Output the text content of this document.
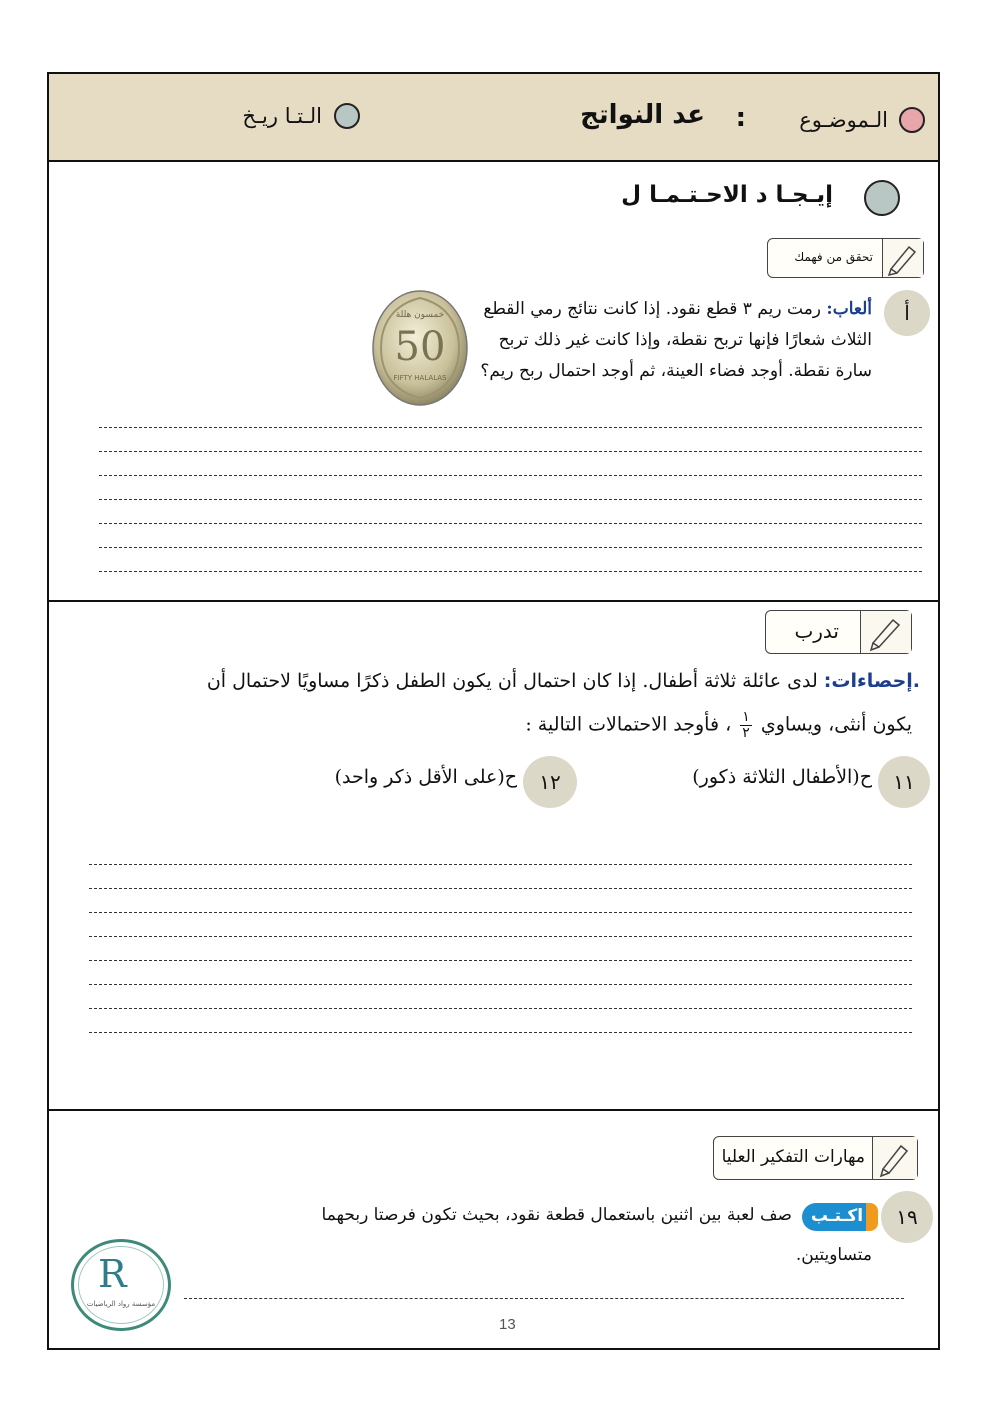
الـموضـوع
:
عد النواتج
الـتـا ريـخ
إيـجـا د الاحـتـمـا ل
تحقق من فهمك
أ
ألعاب: رمت ريم ٣ قطع نقود. إذا كانت نتائج رمي القطع
الثلاث شعارًا فإنها تربح نقطة، وإذا كانت غير ذلك تربح
سارة نقطة. أوجد فضاء العينة، ثم أوجد احتمال ربح ريم؟
خمسون هللة
50
FIFTY HALALAS
تدرب
.إحصاءات: لدى عائلة ثلاثة أطفال. إذا كان احتمال أن يكون الطفل ذكرًا مساويًا لاحتمال أن
يكون أنثى، ويساوي
١
٢
، فأوجد الاحتمالات التالية :
١١
ح(الأطفال الثلاثة ذكور)
١٢
ح(على الأقل ذكر واحد)
مهارات التفكير العليا
١٩
اكـتـب
صف لعبة بين اثنين باستعمال قطعة نقود، بحيث تكون فرصتا ربحهما
متساويتين.
R
مؤسسة رواد الرياضيات
13
